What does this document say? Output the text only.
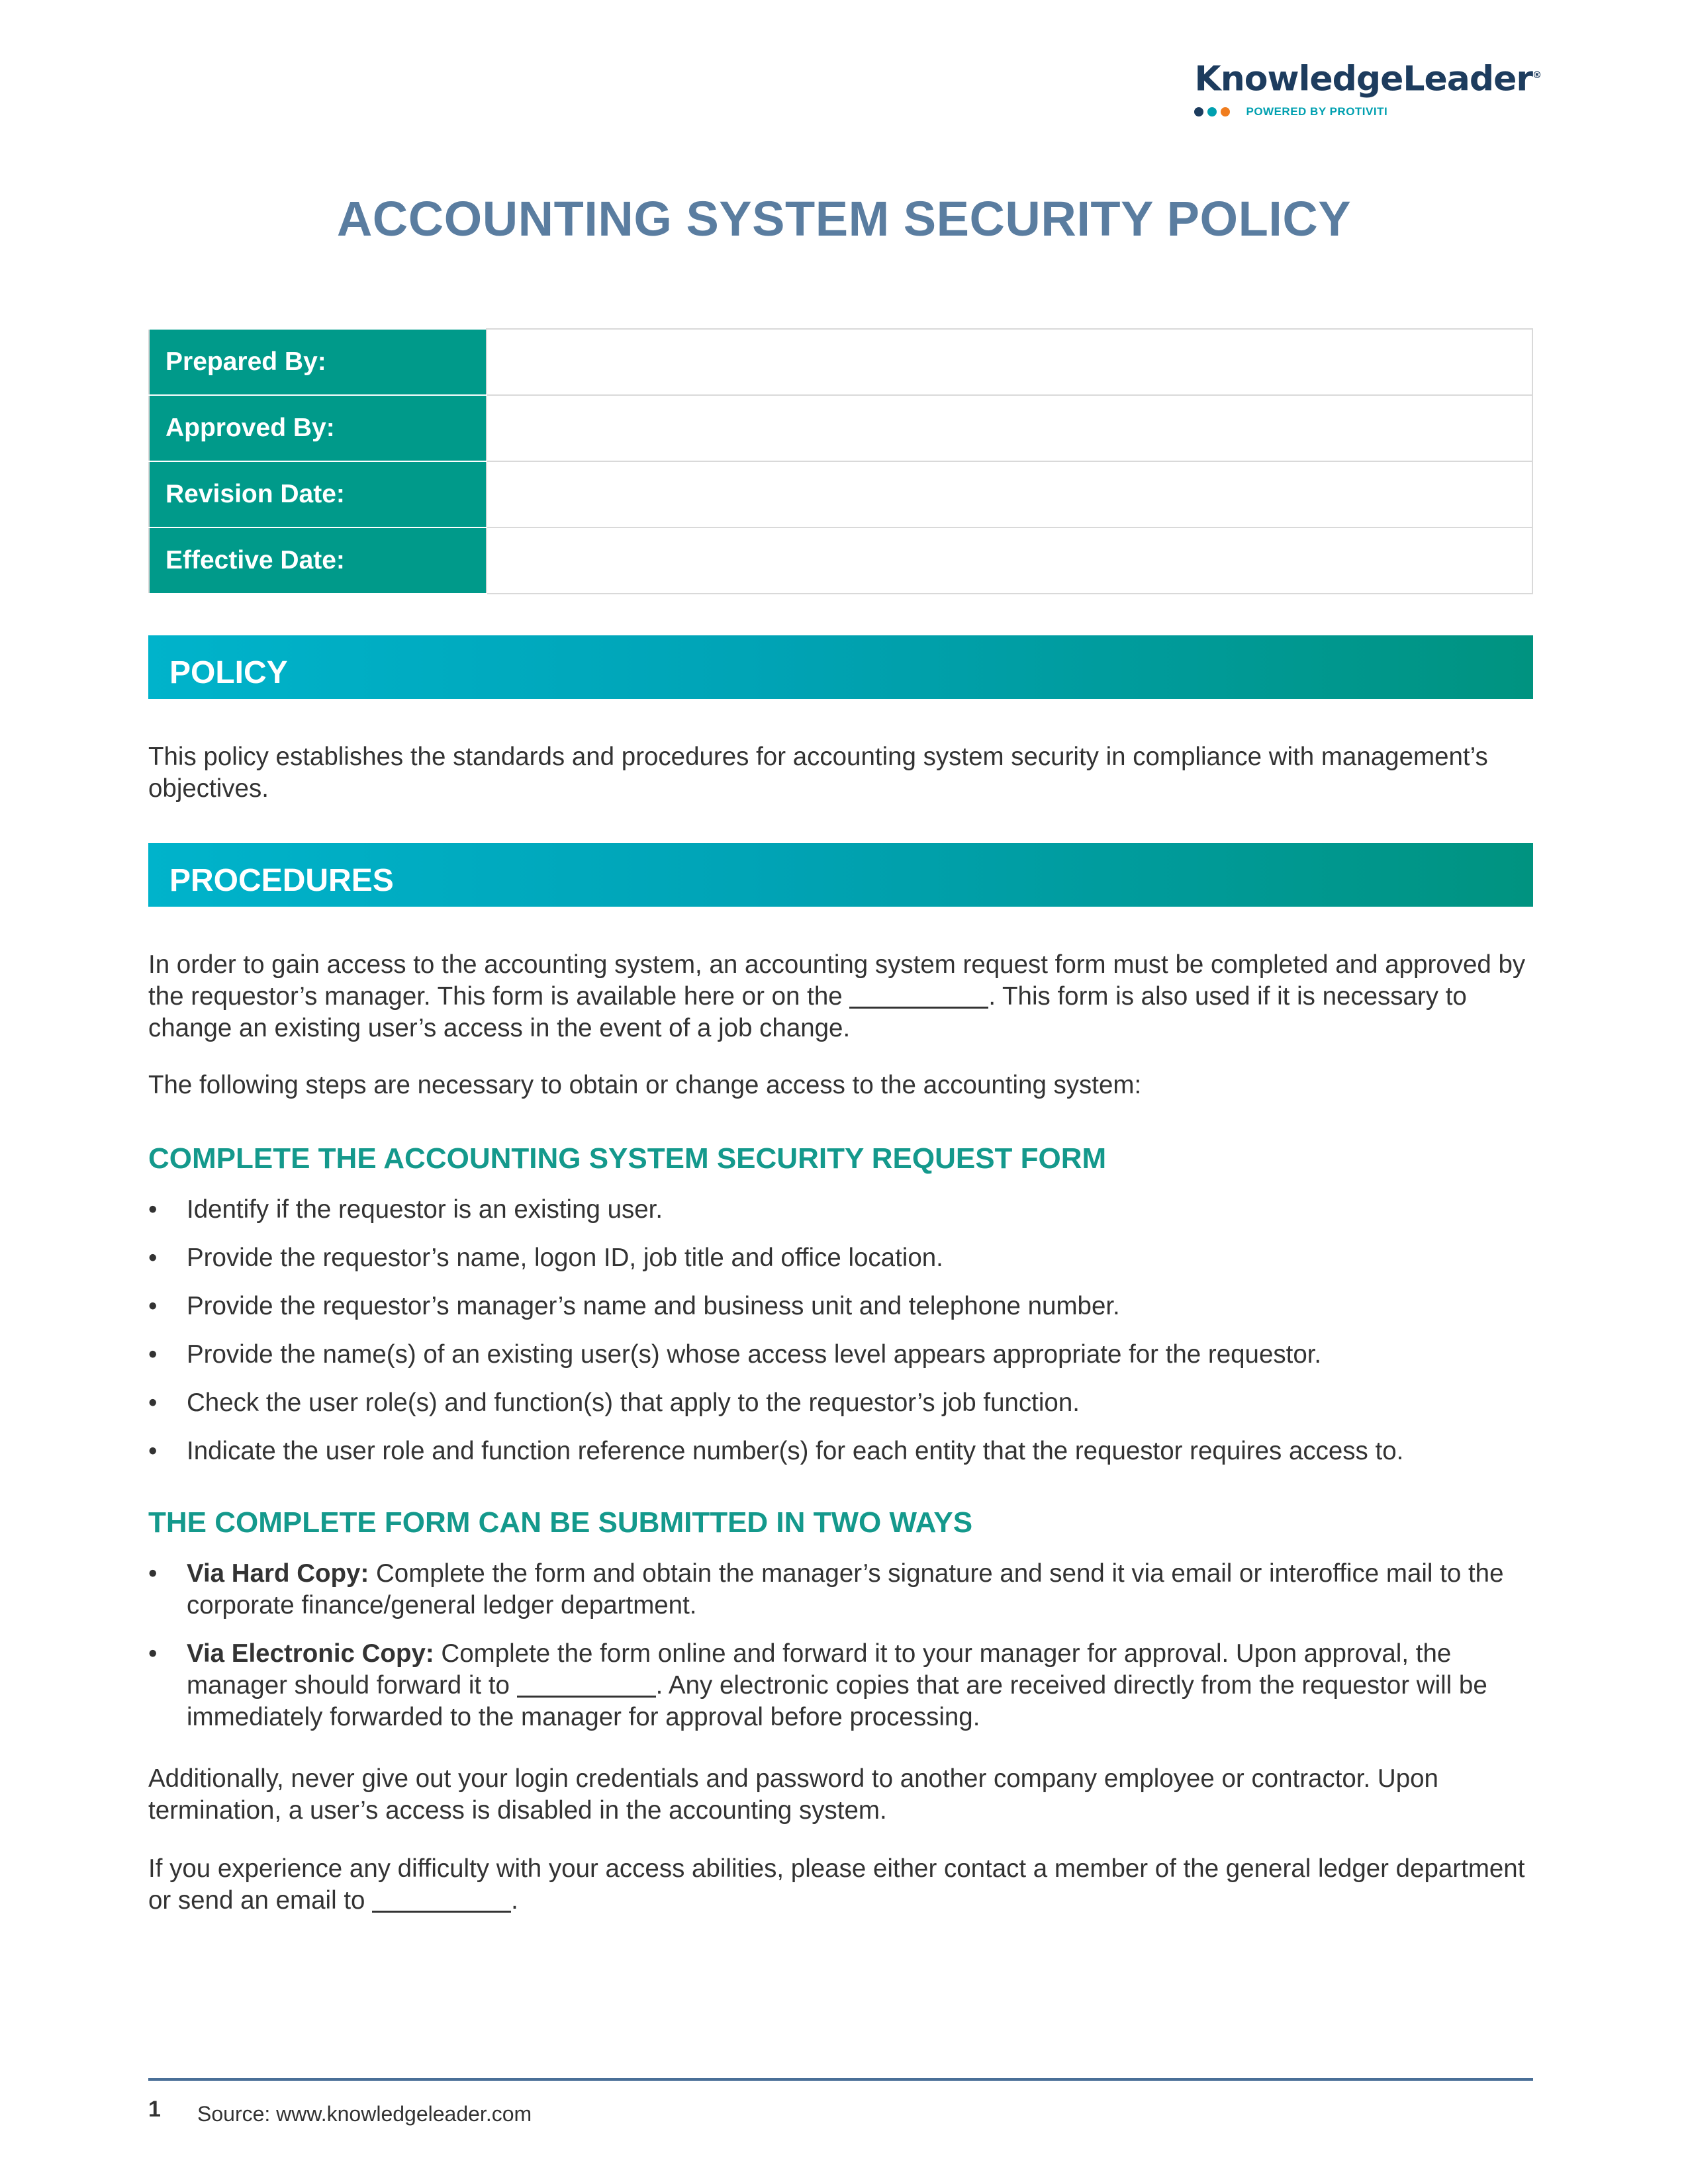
KnowledgeLeader®
POWERED BY PROTIVITI
ACCOUNTING SYSTEM SECURITY POLICY
Prepared By:	
Approved By:	
Revision Date:	
Effective Date:	
POLICY
This policy establishes the standards and procedures for accounting system security in compliance with management’s objectives.
PROCEDURES
In order to gain access to the accounting system, an accounting system request form must be completed and approved by the requestor’s manager. This form is available here or on the	. This form is also used if it is necessary to change an existing user’s access in the event of a job change.
The following steps are necessary to obtain or change access to the accounting system:
COMPLETE THE ACCOUNTING SYSTEM SECURITY REQUEST FORM
• Identify if the requestor is an existing user.
• Provide the requestor’s name, logon ID, job title and office location.
• Provide the requestor’s manager’s name and business unit and telephone number.
• Provide the name(s) of an existing user(s) whose access level appears appropriate for the requestor.
• Check the user role(s) and function(s) that apply to the requestor’s job function.
• Indicate the user role and function reference number(s) for each entity that the requestor requires access to.
THE COMPLETE FORM CAN BE SUBMITTED IN TWO WAYS
• Via Hard Copy: Complete the form and obtain the manager’s signature and send it via email or interoffice mail to the corporate finance/general ledger department.
• Via Electronic Copy: Complete the form online and forward it to your manager for approval. Upon approval, the manager should forward it to	. Any electronic copies that are received directly from the requestor will be immediately forwarded to the manager for approval before processing.
Additionally, never give out your login credentials and password to another company employee or contractor. Upon termination, a user’s access is disabled in the accounting system.
If you experience any difficulty with your access abilities, please either contact a member of the general ledger department or send an email to	.
1 Source: www.knowledgeleader.com
